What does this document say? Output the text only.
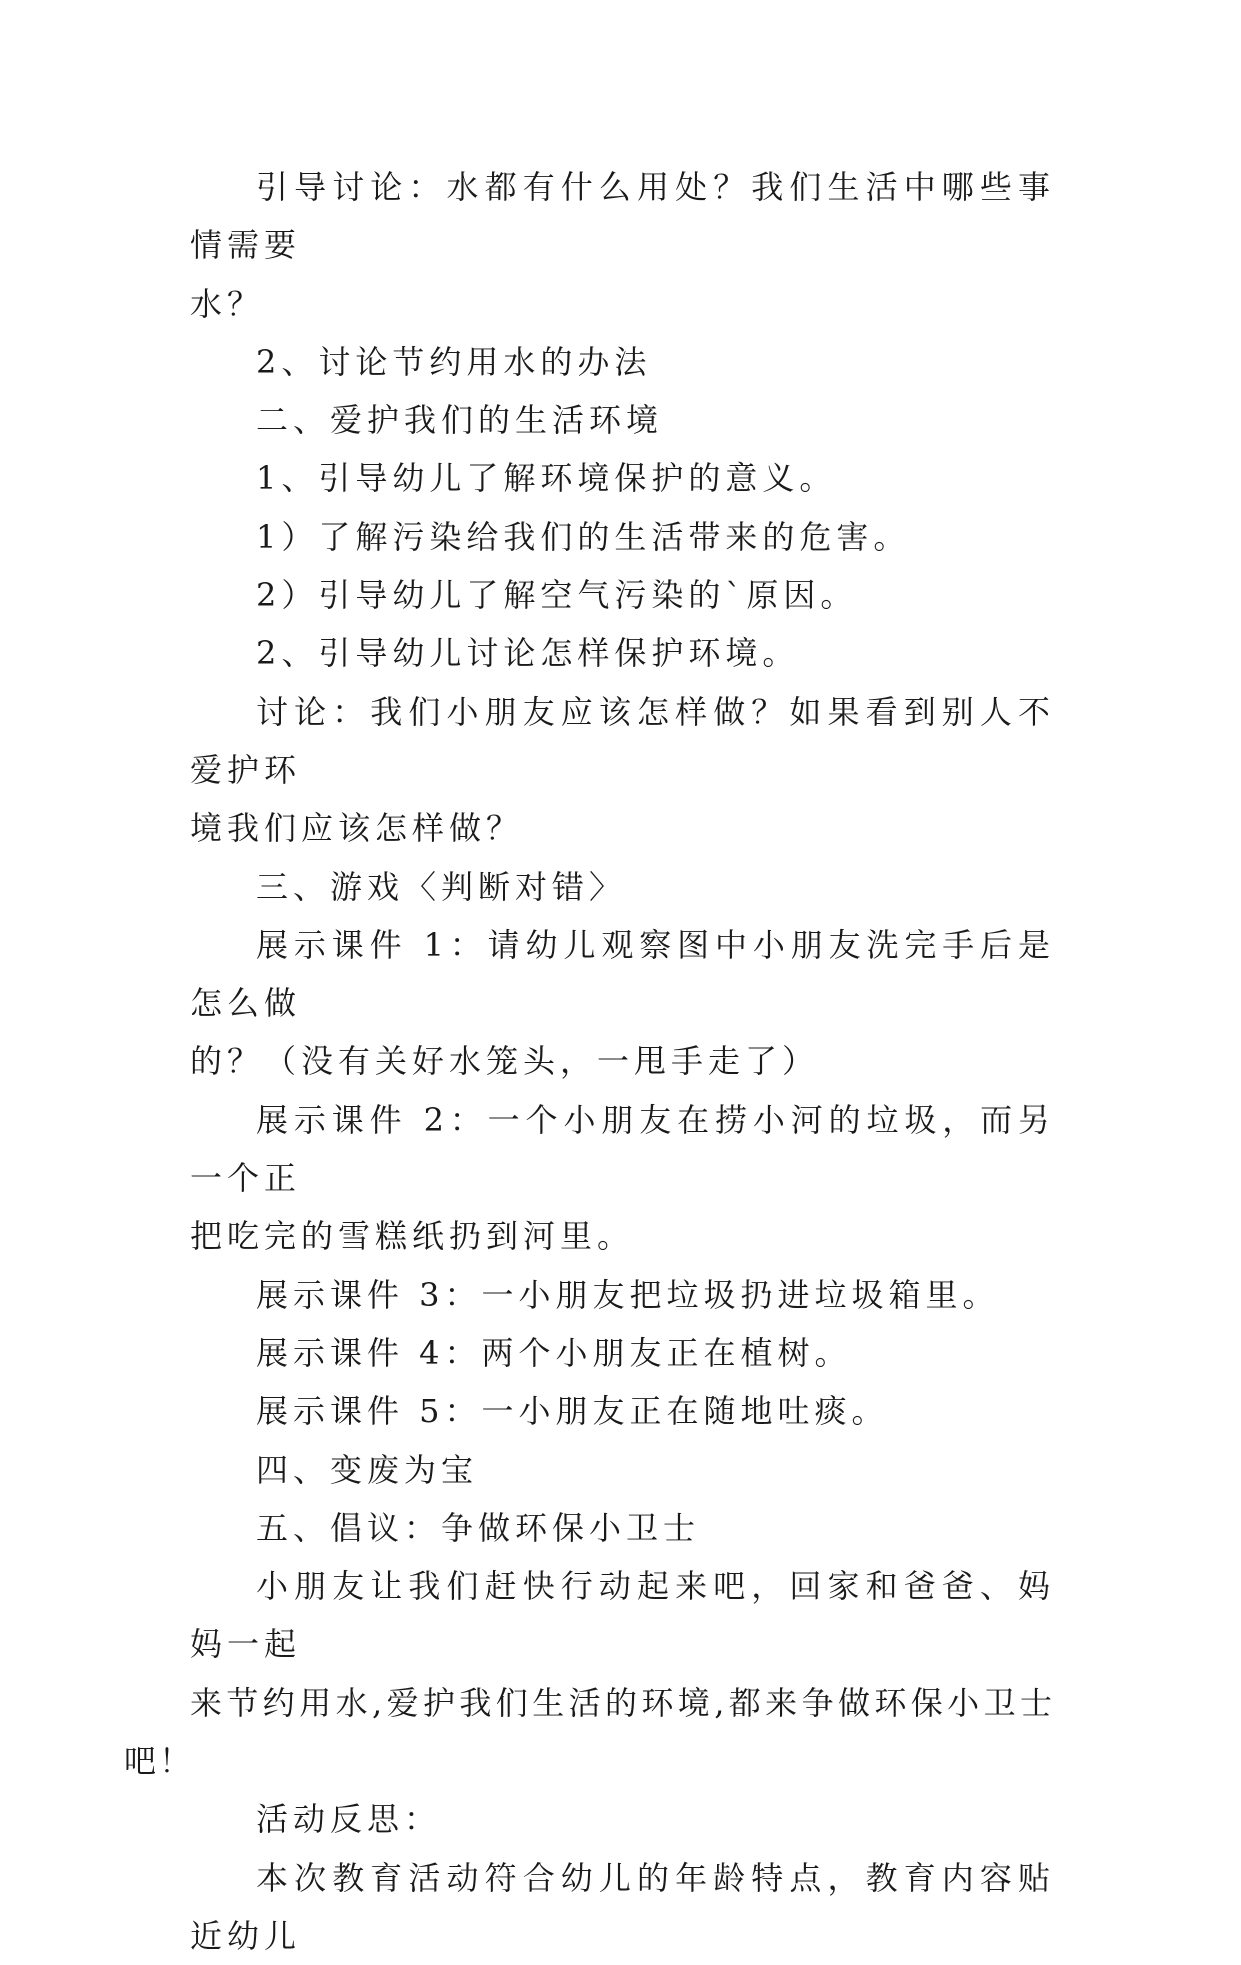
引导讨论：水都有什么用处？我们生活中哪些事情需要
水？

2、讨论节约用水的办法

二、爱护我们的生活环境

1、引导幼儿了解环境保护的意义。

1）了解污染给我们的生活带来的危害。

2）引导幼儿了解空气污染的`原因。

2、引导幼儿讨论怎样保护环境。

讨论：我们小朋友应该怎样做？如果看到别人不爱护环
境我们应该怎样做？

三、游戏〈判断对错〉

展示课件 1：请幼儿观察图中小朋友洗完手后是怎么做
的？（没有关好水笼头，一甩手走了）

展示课件 2：一个小朋友在捞小河的垃圾，而另一个正
把吃完的雪糕纸扔到河里。

展示课件 3：一小朋友把垃圾扔进垃圾箱里。

展示课件 4：两个小朋友正在植树。

展示课件 5：一小朋友正在随地吐痰。

四、变废为宝

五、倡议：争做环保小卫士

小朋友让我们赶快行动起来吧，回家和爸爸、妈妈一起
来节约用水,爱护我们生活的环境,都来争做环保小卫士吧！

活动反思：

本次教育活动符合幼儿的年龄特点，教育内容贴近幼儿
